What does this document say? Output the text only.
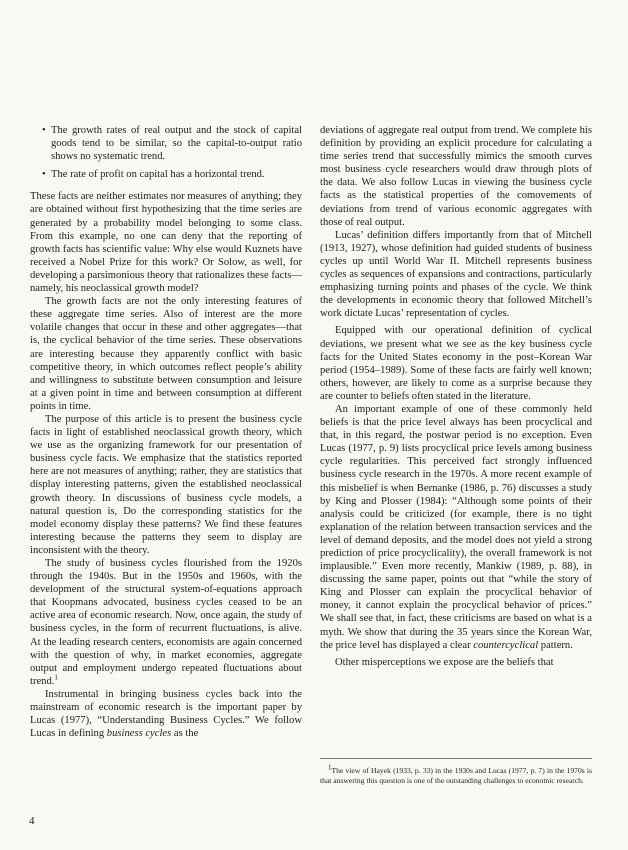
• The growth rates of real output and the stock of capital goods tend to be similar, so the capital-to-output ratio shows no systematic trend.
• The rate of profit on capital has a horizontal trend.

These facts are neither estimates nor measures of anything; they are obtained without first hypothesizing that the time series are generated by a probability model belonging to some class. From this example, no one can deny that the reporting of growth facts has scientific value: Why else would Kuznets have received a Nobel Prize for this work? Or Solow, as well, for developing a parsimonious theory that rationalizes these facts—namely, his neoclassical growth model?

The growth facts are not the only interesting features of these aggregate time series. Also of interest are the more volatile changes that occur in these and other aggregates—that is, the cyclical behavior of the time series. These observations are interesting because they apparently conflict with basic competitive theory, in which outcomes reflect people’s ability and willingness to substitute between consumption and leisure at a given point in time and between consumption at different points in time.

The purpose of this article is to present the business cycle facts in light of established neoclassical growth theory, which we use as the organizing framework for our presentation of business cycle facts. We emphasize that the statistics reported here are not measures of anything; rather, they are statistics that display interesting patterns, given the established neoclassical growth theory. In discussions of business cycle models, a natural question is, Do the corresponding statistics for the model economy display these patterns? We find these features interesting because the patterns they seem to display are inconsistent with the theory.

The study of business cycles flourished from the 1920s through the 1940s. But in the 1950s and 1960s, with the development of the structural system-of-equations approach that Koopmans advocated, business cycles ceased to be an active area of economic research. Now, once again, the study of business cycles, in the form of recurrent fluctuations, is alive. At the leading research centers, economists are again concerned with the question of why, in market economies, aggregate output and employment undergo repeated fluctuations about trend.$^1$

Instrumental in bringing business cycles back into the mainstream of economic research is the important paper by Lucas (1977), “Understanding Business Cycles.” We follow Lucas in defining business cycles as the

deviations of aggregate real output from trend. We complete his definition by providing an explicit procedure for calculating a time series trend that successfully mimics the smooth curves most business cycle researchers would draw through plots of the data. We also follow Lucas in viewing the business cycle facts as the statistical properties of the comovements of deviations from trend of various economic aggregates with those of real output.

Lucas’ definition differs importantly from that of Mitchell (1913, 1927), whose definition had guided students of business cycles up until World War II. Mitchell represents business cycles as sequences of expansions and contractions, particularly emphasizing turning points and phases of the cycle. We think the developments in economic theory that followed Mitchell’s work dictate Lucas’ representation of cycles.

Equipped with our operational definition of cyclical deviations, we present what we see as the key business cycle facts for the United States economy in the post–Korean War period (1954–1989). Some of these facts are fairly well known; others, however, are likely to come as a surprise because they are counter to beliefs often stated in the literature.

An important example of one of these commonly held beliefs is that the price level always has been procyclical and that, in this regard, the postwar period is no exception. Even Lucas (1977, p. 9) lists procyclical price levels among business cycle regularities. This perceived fact strongly influenced business cycle research in the 1970s. A more recent example of this misbelief is when Bernanke (1986, p. 76) discusses a study by King and Plosser (1984): “Although some points of their analysis could be criticized (for example, there is no tight explanation of the relation between transaction services and the level of demand deposits, and the model does not yield a strong prediction of price procyclicality), the overall framework is not implausible.” Even more recently, Mankiw (1989, p. 88), in discussing the same paper, points out that “while the story of King and Plosser can explain the procyclical behavior of money, it cannot explain the procyclical behavior of prices.” We shall see that, in fact, these criticisms are based on what is a myth. We show that during the 35 years since the Korean War, the price level has displayed a clear countercyclical pattern.

Other misperceptions we expose are the beliefs that

$^1$The view of Hayek (1933, p. 33) in the 1930s and Lucas (1977, p. 7) in the 1970s is that answering this question is one of the outstanding challenges to economic research.
4
